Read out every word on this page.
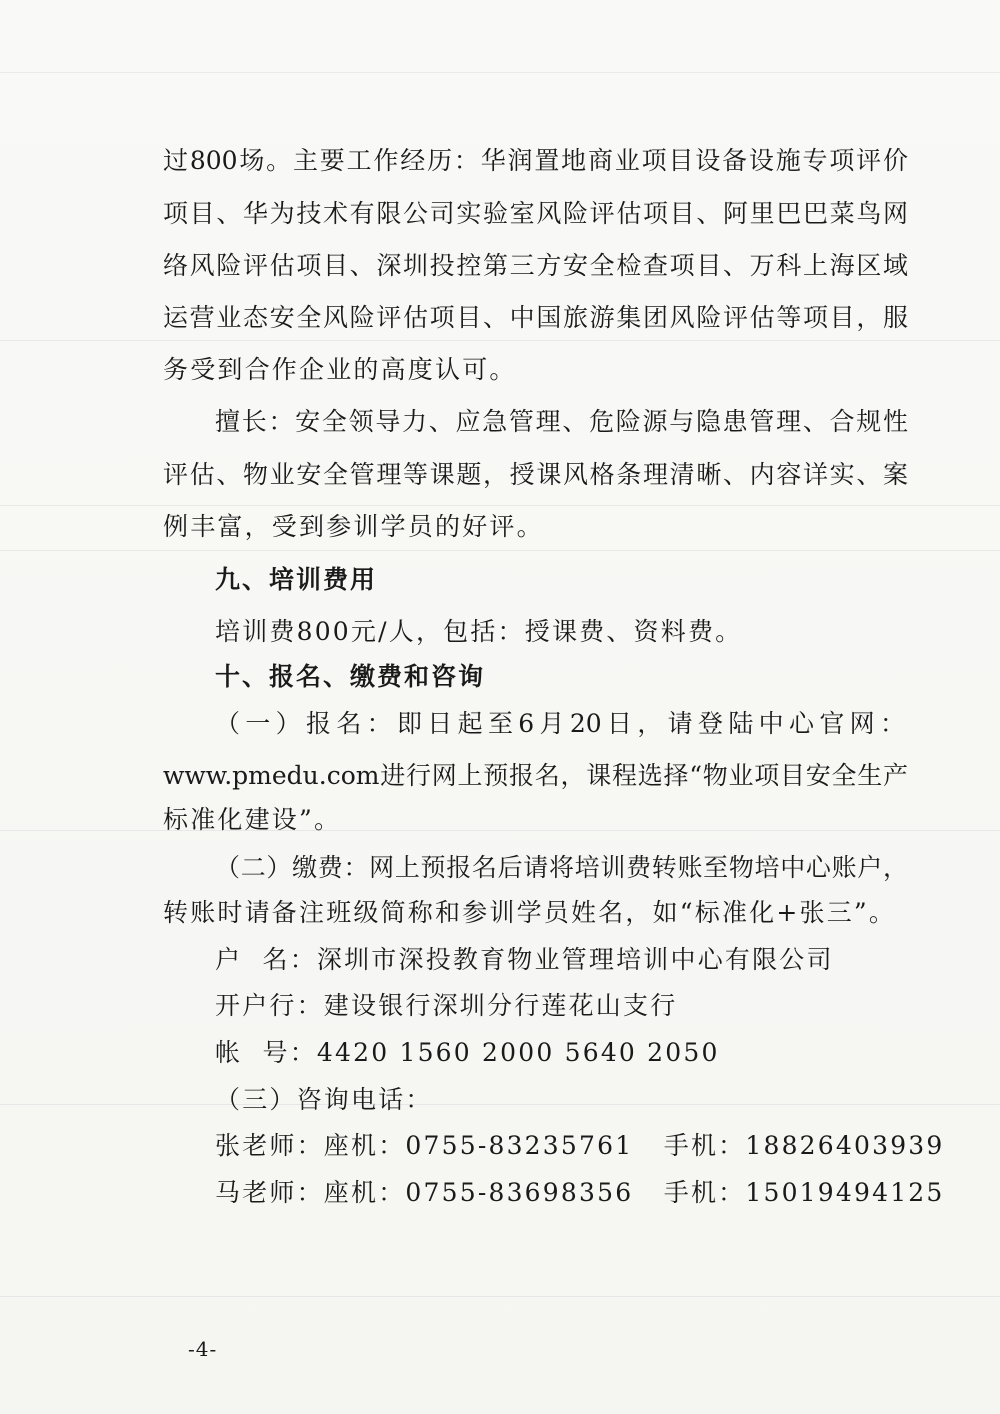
过800场。主要工作经历：华润置地商业项目设备设施专项评价
项目、华为技术有限公司实验室风险评估项目、阿里巴巴菜鸟网
络风险评估项目、深圳投控第三方安全检查项目、万科上海区域
运营业态安全风险评估项目、中国旅游集团风险评估等项目，服
务受到合作企业的高度认可。
擅长：安全领导力、应急管理、危险源与隐患管理、合规性
评估、物业安全管理等课题，授课风格条理清晰、内容详实、案
例丰富，受到参训学员的好评。
九、培训费用
培训费800元/人，包括：授课费、资料费。
十、报名、缴费和咨询
（一）报名：即日起至6月20日，请登陆中心官网：
www.pmedu.com进行网上预报名，课程选择“物业项目安全生产
标准化建设”。
（二）缴费：网上预报名后请将培训费转账至物培中心账户，
转账时请备注班级简称和参训学员姓名，如“标准化+张三”。
户  名：深圳市深投教育物业管理培训中心有限公司
开户行：建设银行深圳分行莲花山支行
帐  号：4420 1560 2000 5640 2050
（三）咨询电话：
张老师：座机：0755-83235761   手机：18826403939
马老师：座机：0755-83698356   手机：15019494125
-4-
